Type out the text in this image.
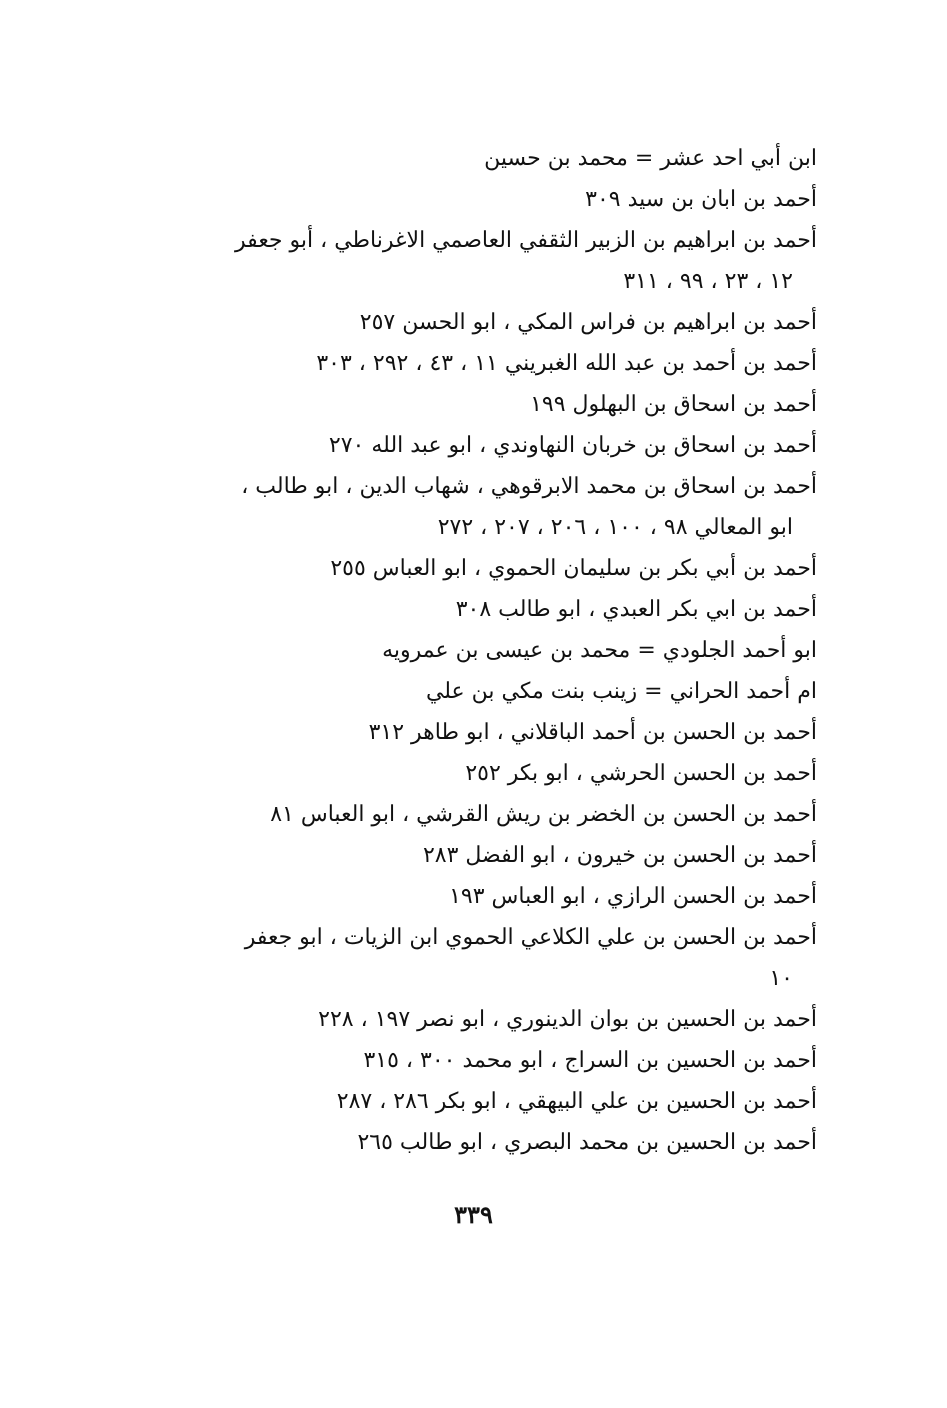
ابن أبي احد عشر = محمد بن حسين
أحمد بن ابان بن سيد ٣٠٩
أحمد بن ابراهيم بن الزبير الثقفي العاصمي الاغرناطي ، أبو جعفر
١٢ ، ٢٣ ، ٩٩ ، ٣١١
أحمد بن ابراهيم بن فراس المكي ، ابو الحسن ٢٥٧
أحمد بن أحمد بن عبد الله الغبريني ١١ ، ٤٣ ، ٢٩٢ ، ٣٠٣
أحمد بن اسحاق بن البهلول ١٩٩
أحمد بن اسحاق بن خربان النهاوندي ، ابو عبد الله ٢٧٠
أحمد بن اسحاق بن محمد الابرقوهي ، شهاب الدين ، ابو طالب ،
ابو المعالي ٩٨ ، ١٠٠ ، ٢٠٦ ، ٢٠٧ ، ٢٧٢
أحمد بن أبي بكر بن سليمان الحموي ، ابو العباس ٢٥٥
أحمد بن ابي بكر العبدي ، ابو طالب ٣٠٨
ابو أحمد الجلودي = محمد بن عيسى بن عمرويه
ام أحمد الحراني = زينب بنت مكي بن علي
أحمد بن الحسن بن أحمد الباقلاني ، ابو طاهر ٣١٢
أحمد بن الحسن الحرشي ، ابو بكر ٢٥٢
أحمد بن الحسن بن الخضر بن ريش القرشي ، ابو العباس ٨١
أحمد بن الحسن بن خيرون ، ابو الفضل ٢٨٣
أحمد بن الحسن الرازي ، ابو العباس ١٩٣
أحمد بن الحسن بن علي الكلاعي الحموي ابن الزيات ، ابو جعفر
١٠
أحمد بن الحسين بن بوان الدينوري ، ابو نصر ١٩٧ ، ٢٢٨
أحمد بن الحسين بن السراج ، ابو محمد ٣٠٠ ، ٣١٥
أحمد بن الحسين بن علي البيهقي ، ابو بكر ٢٨٦ ، ٢٨٧
أحمد بن الحسين بن محمد البصري ، ابو طالب ٢٦٥
٣٣٩
